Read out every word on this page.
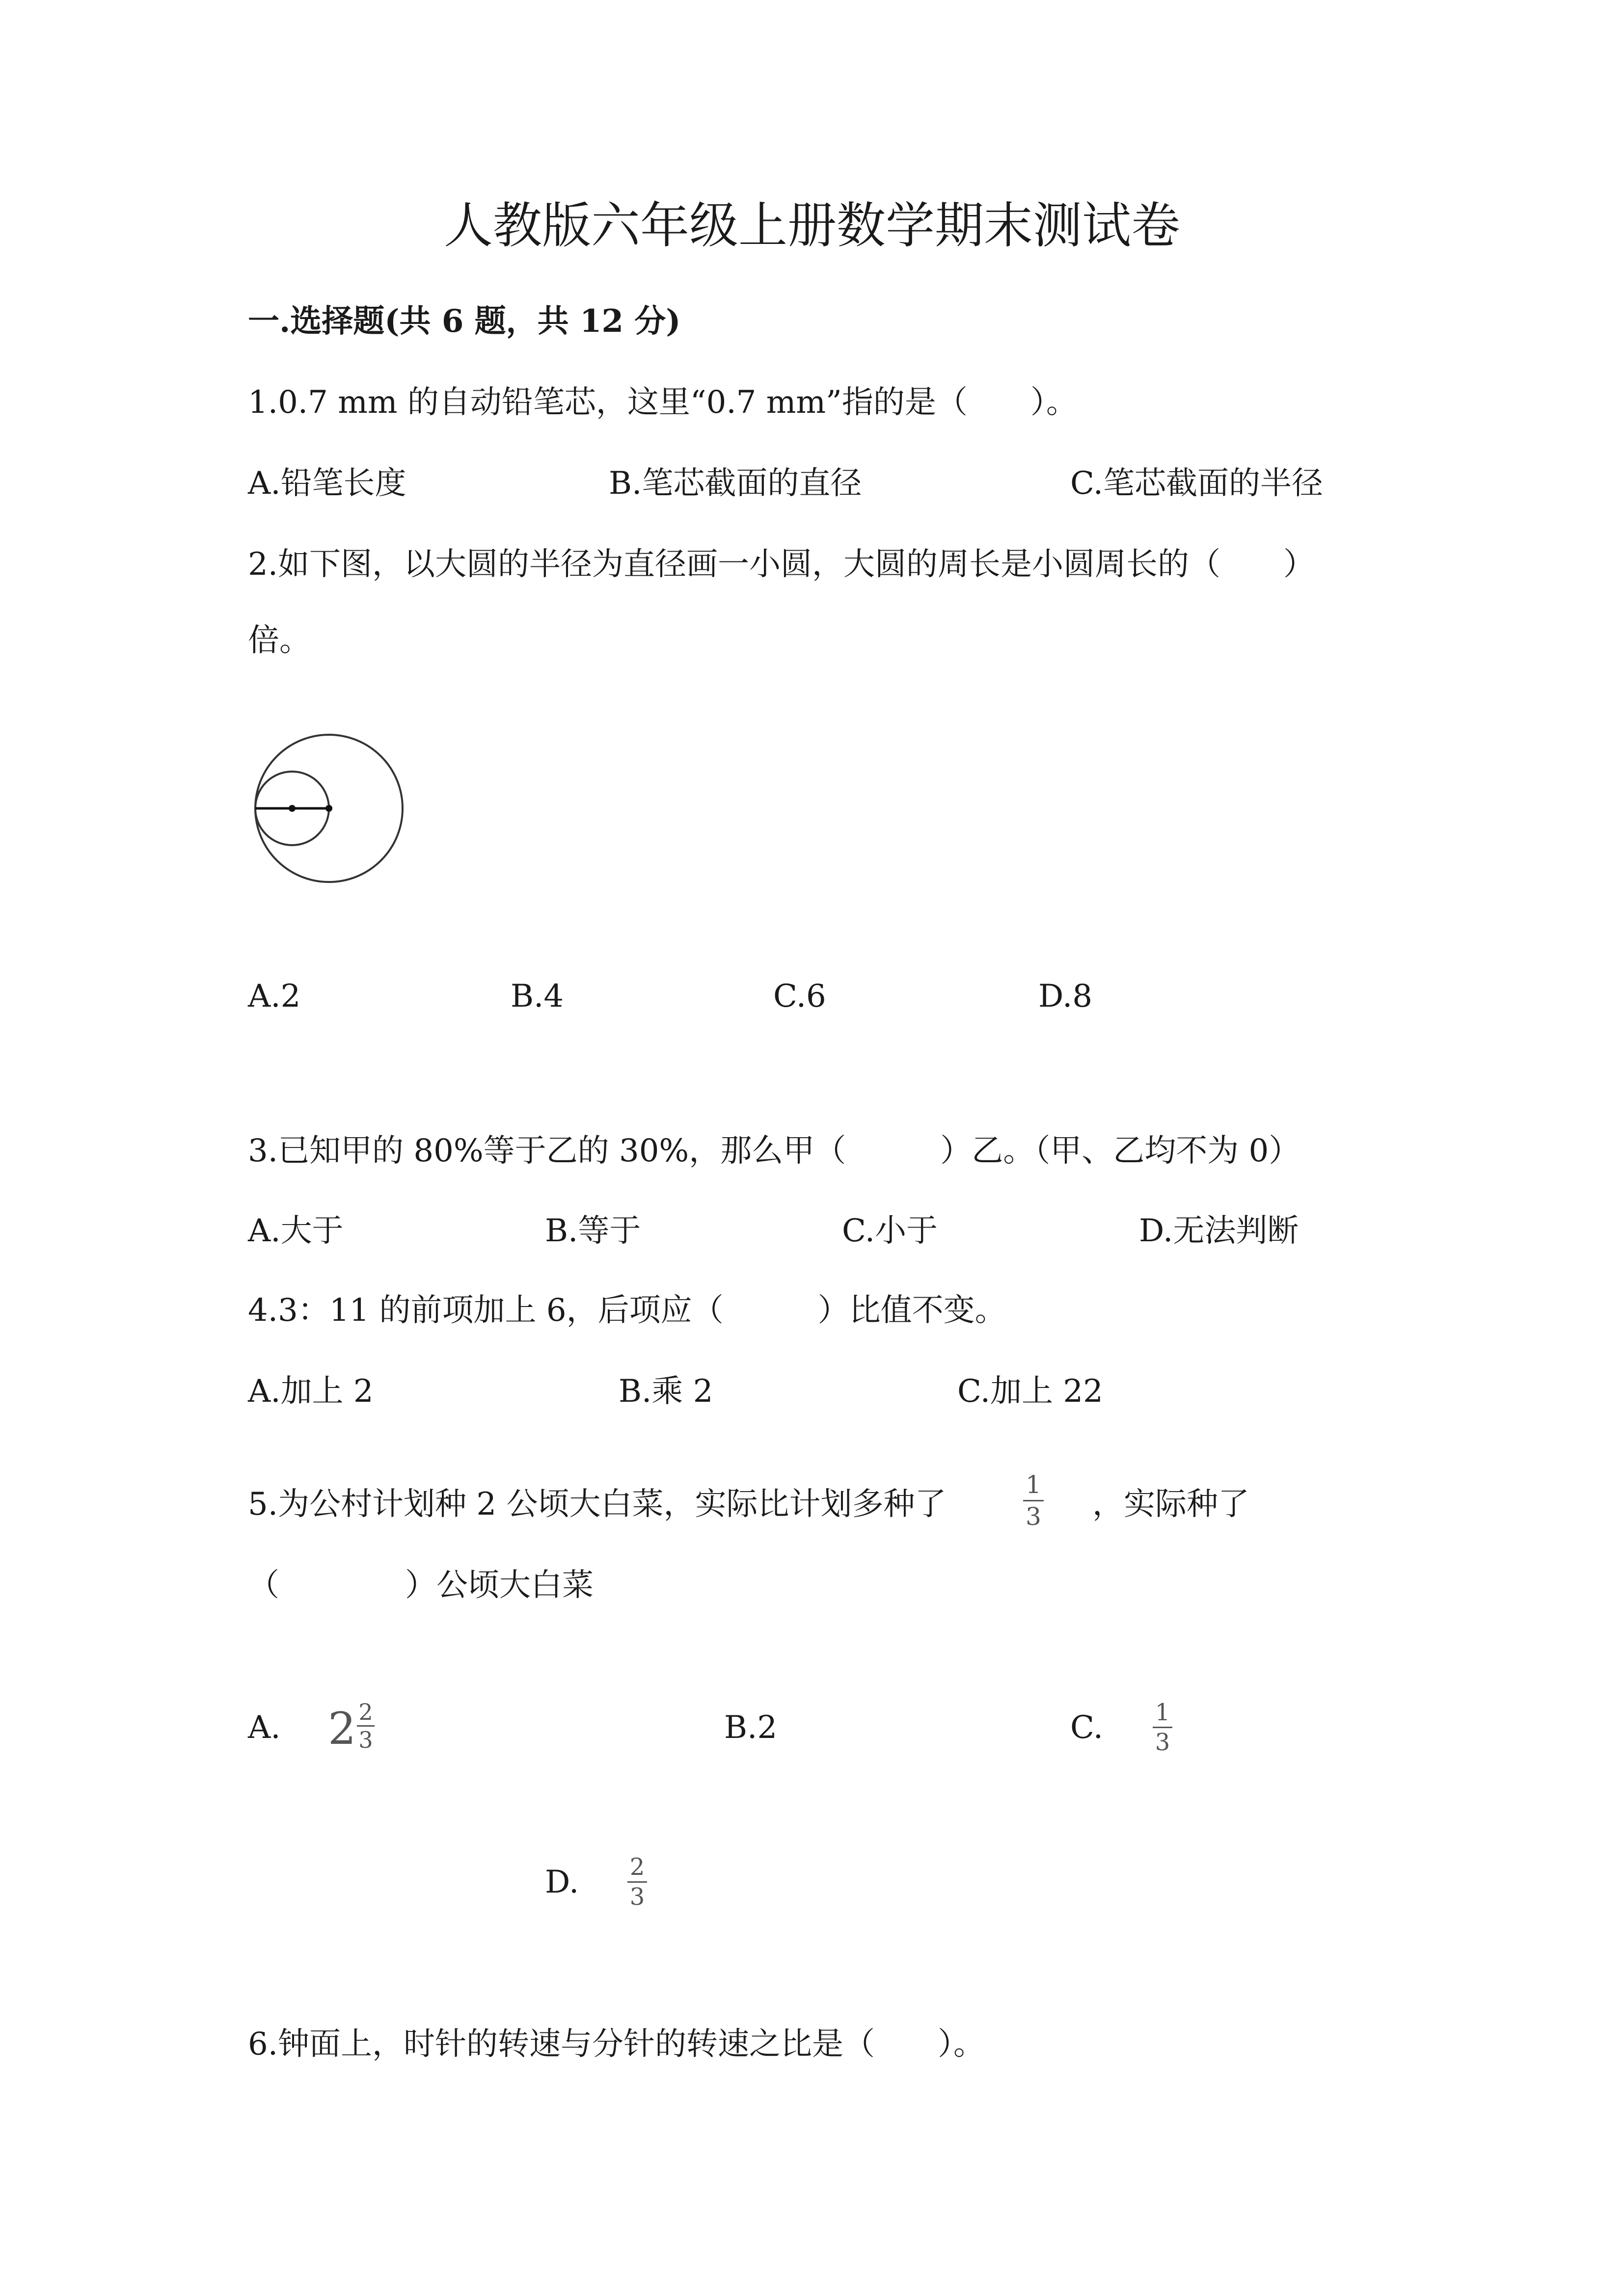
人教版六年级上册数学期末测试卷
一.选择题(共 6 题，共 12 分)
1.0.7 mm 的自动铅笔芯，这里“0.7 mm”指的是（　　）。
A.铅笔长度	B.笔芯截面的直径	C.笔芯截面的半径
2.如下图，以大圆的半径为直径画一小圆，大圆的周长是小圆周长的（　　）
倍。
A.2	B.4	C.6	D.8
3.已知甲的 80%等于乙的 30%，那么甲（　　　）乙。（甲、乙均不为 0）
A.大于	B.等于	C.小于	D.无法判断
4.3：11 的前项加上 6，后项应（　　　）比值不变。
A.加上 2	B.乘 2	C.加上 22
5.为公村计划种 2 公顷大白菜，实际比计划多种了
1
3 ，实际种了
（　　　　）公顷大白菜
A. 2 2
3	B.2	C. 1
3
D. 2
3
6.钟面上，时针的转速与分针的转速之比是（　　）。
